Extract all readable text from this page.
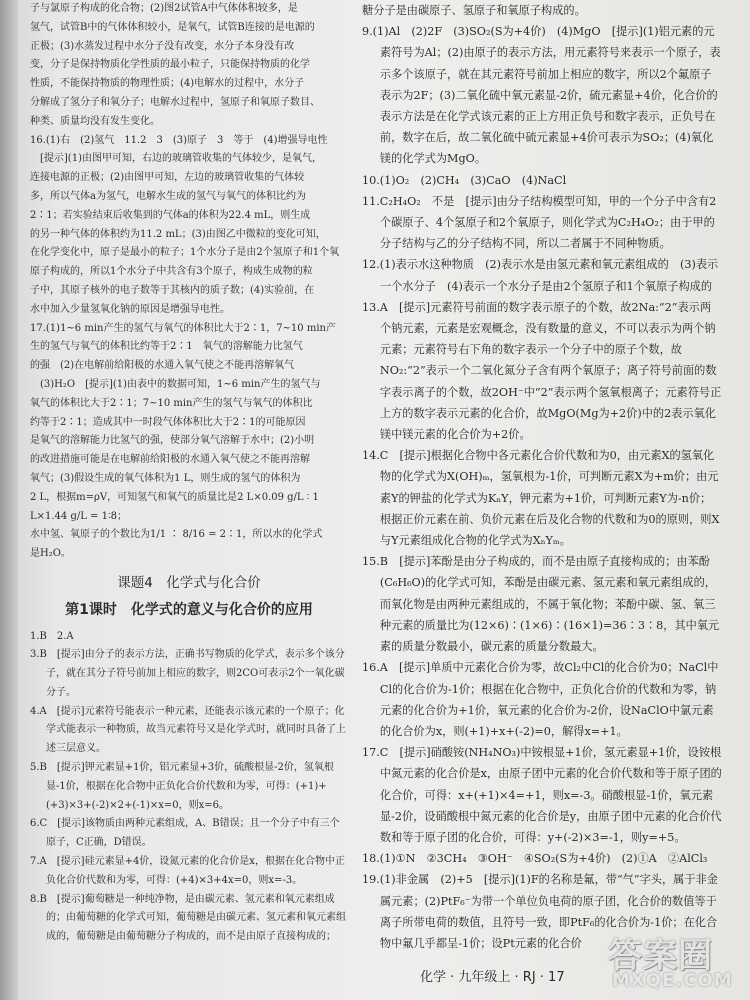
子与氯原子构成的化合物；(2)图2试管A中气体体积较多，是
氢气，试管B中的气体体积较小，是氧气，试管B连接的是电源的
正极；(3)水蒸发过程中水分子没有改变，水分子本身没有改
变，分子是保持物质化学性质的最小粒子，只能保持物质的化学
性质，不能保持物质的物理性质；(4)电解水的过程中，水分子
分解成了氢分子和氧分子；电解水过程中，氢原子和氧原子数目、
种类、质量均没有发生变化。
16.(1)右　(2)氢气　11.2　3　(3)原子　3　等于　(4)增强导电性
　[提示](1)由图甲可知，右边的玻璃管收集的气体较少，是氧气，
连接电源的正极；(2)由图甲可知，左边的玻璃管收集的气体较
多，所以气体a为氢气，电解水生成的氢气与氧气的体积比约为
2∶1；若实验结束后收集到的气体a的体积为22.4 mL，则生成
的另一种气体的体积约为11.2 mL；(3)由图乙中微粒的变化可知，
在化学变化中，原子是最小的粒子；1个水分子是由2个氢原子和1个氧
原子构成的，所以1个水分子中共含有3个原子，构成生成物的粒
子中，其原子核外的电子数等于其核内的质子数；(4)实验前，在
水中加入少量氢氧化钠的原因是增强导电性。
17.(1)1~6 min产生的氢气与氧气的体积比大于2∶1，7~10 min产
生的氢气与氧气的体积比约等于2∶1　氧气的溶解能力比氢气
的强　(2)在电解前给阳极的水通入氧气使之不能再溶解氧气
　(3)H₂O　[提示](1)由表中的数据可知，1~6 min产生的氢气与
氧气的体积比大于2∶1；7~10 min产生的氢气与氧气的体积比
约等于2∶1；造成其中一时段气体体积比大于2∶1的可能原因
是氧气的溶解能力比氢气的强，使部分氧气溶解于水中；(2)小明
的改进措施可能是在电解前给阳极的水通入氧气使之不能再溶解
氧气；(3)假设生成的氧气体积为1 L，则生成的氢气的体积为
2 L，根据m=ρV，可知氢气和氧气的质量比是2 L×0.09 g/L ∶ 1 L×1.44 g/L = 1∶8；
水中氢、氧原子的个数比为1/1 ∶ 8/16 = 2∶1，所以水的化学式
是H₂O。
课题4　化学式与化合价
第1课时　化学式的意义与化合价的应用
1.B　2.A
3.B　[提示]由分子的表示方法，正确书写物质的化学式，表示多个该分子，就在其分子符号前加上相应的数字，则2CO可表示2个一氧化碳分子。
4.A　[提示]元素符号能表示一种元素，还能表示该元素的一个原子；化学式能表示一种物质，故当元素符号又是化学式时，就同时具备了上述三层意义。
5.B　[提示]钾元素显+1价，铝元素显+3价，硫酸根显-2价，氢氧根显-1价，根据在化合物中正负化合价代数和为零，可得：(+1)+(+3)×3+(-2)×2+(-1)×x=0，则x=6。
6.C　[提示]该物质由两种元素组成，A、B错误；且一个分子中有三个原子，C正确，D错误。
7.A　[提示]硅元素显+4价，设氮元素的化合价是x，根据在化合物中正负化合价代数和为零，可得：(+4)×3+4x=0，则x=-3。
8.B　[提示]葡萄糖是一种纯净物，是由碳元素、氢元素和氧元素组成的；由葡萄糖的化学式可知，葡萄糖是由碳元素、氢元素和氧元素组成的，葡萄糖是由葡萄糖分子构成的，而不是由原子直接构成的；
糖分子是由碳原子、氢原子和氧原子构成的。
9.(1)Al　(2)2F　(3)SO₂(S为+4价)　(4)MgO　[提示](1)铝元素的元素符号为Al；(2)由原子的表示方法，用元素符号来表示一个原子，表示多个该原子，就在其元素符号前加上相应的数字，所以2个氟原子表示为2F；(3)二氧化硫中氧元素显-2价，硫元素显+4价，化合价的表示方法是在化学式该元素的正上方用正负号和数字表示，正负号在前，数字在后，故二氧化硫中硫元素显+4价可表示为SO₂；(4)氧化镁的化学式为MgO。
10.(1)O₂　(2)CH₄　(3)CaO　(4)NaCl
11.C₂H₄O₂　不是　[提示]由分子结构模型可知，甲的一个分子中含有2个碳原子、4个氢原子和2个氧原子，则化学式为C₂H₄O₂；由于甲的分子结构与乙的分子结构不同，所以二者属于不同种物质。
12.(1)表示水这种物质　(2)表示水是由氢元素和氧元素组成的　(3)表示一个水分子　(4)表示一个水分子是由2个氢原子和1个氧原子构成的
13.A　[提示]元素符号前面的数字表示原子的个数，故2Na:“2”表示两个钠元素，元素是宏观概念，没有数量的意义，不可以表示为两个钠元素；元素符号右下角的数字表示一个分子中的原子个数，故NO₂:“2”表示一个二氧化氮分子含有两个氧原子；离子符号前面的数字表示离子的个数，故2OH⁻中“2”表示两个氢氧根离子；元素符号正上方的数字表示元素的化合价，故MgO(Mg为+2价)中的2表示氧化镁中镁元素的化合价为+2价。
14.C　[提示]根据化合物中各元素化合价代数和为0，由元素X的氢氧化物的化学式为X(OH)ₘ，氢氧根为-1价，可判断元素X为+m价；由元素Y的钾盐的化学式为KₙY，钾元素为+1价，可判断元素Y为-n价；根据正价元素在前、负价元素在后及化合物的代数和为0的原则，则X与Y元素组成化合物的化学式为XₙYₘ。
15.B　[提示]苯酚是由分子构成的，而不是由原子直接构成的；由苯酚(C₆H₆O)的化学式可知，苯酚是由碳元素、氢元素和氧元素组成的，而氧化物是由两种元素组成的，不属于氧化物；苯酚中碳、氢、氧三种元素的质量比为(12×6)∶(1×6)∶(16×1)=36∶3∶8，其中氧元素的质量分数最小，碳元素的质量分数最大。
16.A　[提示]单质中元素化合价为零，故Cl₂中Cl的化合价为0；NaCl中Cl的化合价为-1价；根据在化合物中，正负化合价的代数和为零，钠元素的化合价为+1价，氧元素的化合价为-2价，设NaClO中氯元素的化合价为x，则(+1)+x+(-2)=0，解得x=+1。
17.C　[提示]硝酸铵(NH₄NO₃)中铵根显+1价，氢元素显+1价，设铵根中氮元素的化合价是x，由原子团中元素的化合价代数和等于原子团的化合价，可得：x+(+1)×4=+1，则x=-3。硝酸根显-1价，氧元素显-2价，设硝酸根中氮元素的化合价是y，由原子团中元素的化合价代数和等于原子团的化合价，可得：y+(-2)×3=-1，则y=+5。
18.(1)①N　②3CH₄　③OH⁻　④SO₂(S为+4价)　(2)①A　②AlCl₃
19.(1)非金属　(2)+5　[提示](1)F的名称是氟，带“气”字头，属于非金属元素；(2)PtF₆⁻为带一个单位负电荷的原子团，化合价的数值等于离子所带电荷的数值，且符号一致，即PtF₆的化合价为-1价；在化合物中氟几乎都呈-1价；设Pt元素的化合价
化学 · 九年级上 · RJ · 17
答案圈
MXQE.COM
